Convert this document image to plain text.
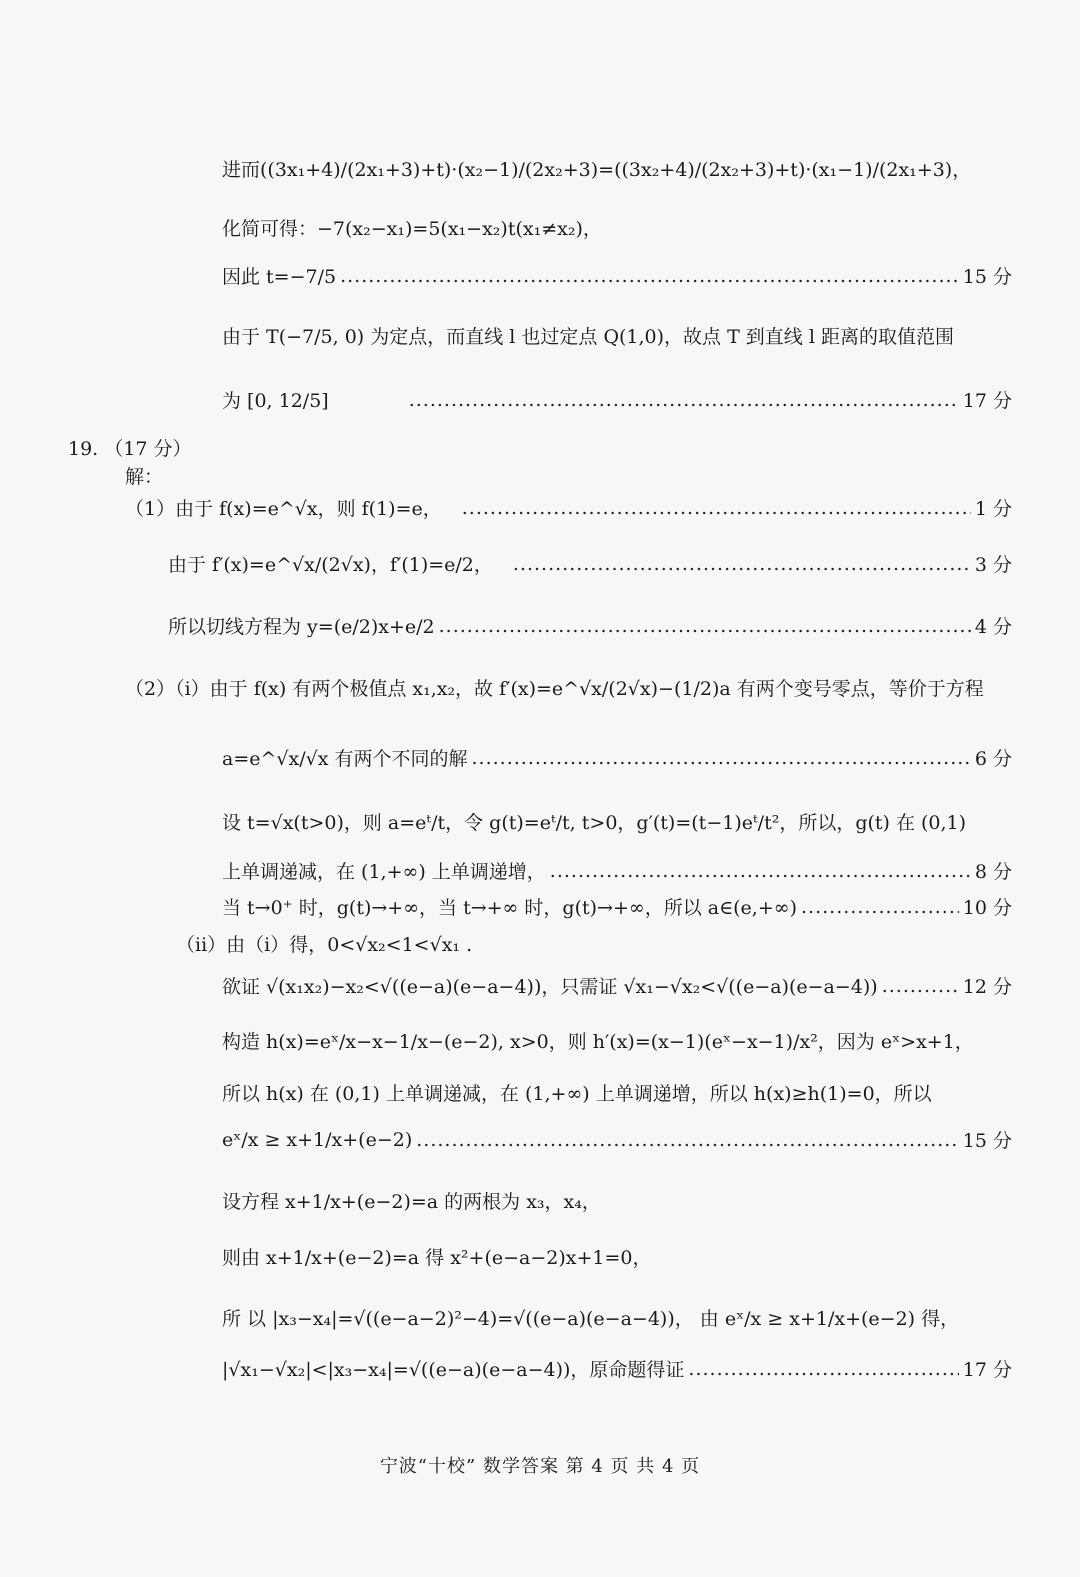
进而((3x₁+4)/(2x₁+3)+t)·(x₂−1)/(2x₂+3)=((3x₂+4)/(2x₂+3)+t)·(x₁−1)/(2x₁+3)，
化简可得：−7(x₂−x₁)=5(x₁−x₂)t(x₁≠x₂)，
因此 t=−7/5 .....	15 分
由于 T(−7/5, 0) 为定点，而直线 l 也过定点 Q(1,0)，故点 T 到直线 l 距离的取值范围
为 [0, 12/5] .....	17 分
19. （17 分）
解：
（1）由于 f(x)=e^√x，则 f(1)=e， .....	1 分
由于 f′(x)=e^√x/(2√x)，f′(1)=e/2， .....	3 分
所以切线方程为 y=(e/2)x+e/2 .....	4 分
（2）（i）由于 f(x) 有两个极值点 x₁,x₂，故 f′(x)=e^√x/(2√x)−(1/2)a 有两个变号零点，等价于方程
a=e^√x/√x 有两个不同的解 .....	6 分
设 t=√x(t>0)，则 a=eᵗ/t，令 g(t)=eᵗ/t, t>0，g′(t)=(t−1)eᵗ/t²，所以，g(t) 在 (0,1)
上单调递减，在 (1,+∞) 上单调递增， .....	8 分
当 t→0⁺ 时，g(t)→+∞，当 t→+∞ 时，g(t)→+∞，所以 a∈(e,+∞) .....	10 分
（ii）由（i）得，0<√x₂<1<√x₁ .
欲证 √(x₁x₂)−x₂<√((e−a)(e−a−4))，只需证 √x₁−√x₂<√((e−a)(e−a−4)) .....	12 分
构造 h(x)=eˣ/x−x−1/x−(e−2), x>0，则 h′(x)=(x−1)(eˣ−x−1)/x²，因为 eˣ>x+1，
所以 h(x) 在 (0,1) 上单调递减，在 (1,+∞) 上单调递增，所以 h(x)≥h(1)=0，所以
eˣ/x ≥ x+1/x+(e−2) .....	15 分
设方程 x+1/x+(e−2)=a 的两根为 x₃，x₄，
则由 x+1/x+(e−2)=a 得 x²+(e−a−2)x+1=0，
所 以 |x₃−x₄|=√((e−a−2)²−4)=√((e−a)(e−a−4))， 由 eˣ/x ≥ x+1/x+(e−2) 得，
|√x₁−√x₂|<|x₃−x₄|=√((e−a)(e−a−4))，原命题得证 .....	17 分
宁波“十校” 数学答案 第 4 页 共 4 页
